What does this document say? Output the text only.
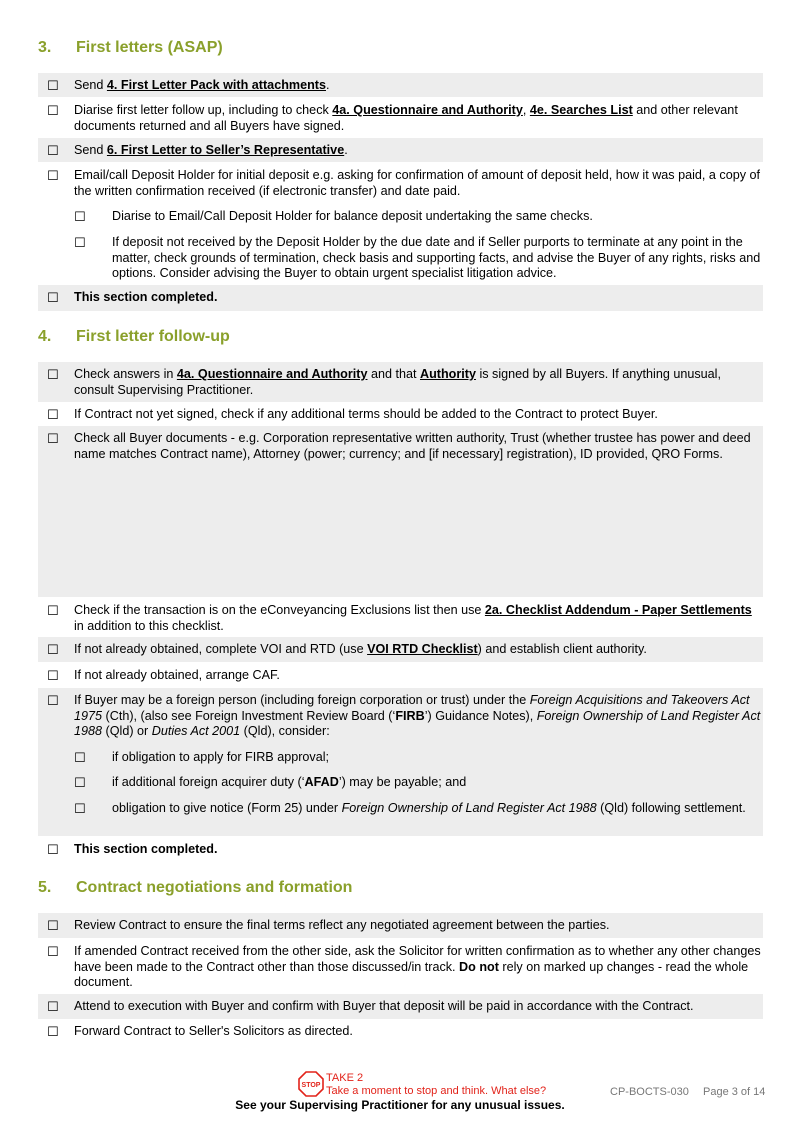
3. First letters (ASAP)
☐ Send 4. First Letter Pack with attachments.
☐ Diarise first letter follow up, including to check 4a. Questionnaire and Authority, 4e. Searches List and other relevant documents returned and all Buyers have signed.
☐ Send 6. First Letter to Seller’s Representative.
☐ Email/call Deposit Holder for initial deposit e.g. asking for confirmation of amount of deposit held, how it was paid, a copy of the written confirmation received (if electronic transfer) and date paid.
☐ Diarise to Email/Call Deposit Holder for balance deposit undertaking the same checks.
☐ If deposit not received by the Deposit Holder by the due date and if Seller purports to terminate at any point in the matter, check grounds of termination, check basis and supporting facts, and advise the Buyer of any rights, risks and options. Consider advising the Buyer to obtain urgent specialist litigation advice.
☐ This section completed.
4. First letter follow-up
☐ Check answers in 4a. Questionnaire and Authority and that Authority is signed by all Buyers. If anything unusual, consult Supervising Practitioner.
☐ If Contract not yet signed, check if any additional terms should be added to the Contract to protect Buyer.
☐ Check all Buyer documents - e.g. Corporation representative written authority, Trust (whether trustee has power and deed name matches Contract name), Attorney (power; currency; and [if necessary] registration), ID provided, QRO Forms.
☐ Check if the transaction is on the eConveyancing Exclusions list then use 2a. Checklist Addendum - Paper Settlements in addition to this checklist.
☐ If not already obtained, complete VOI and RTD (use VOI RTD Checklist) and establish client authority.
☐ If not already obtained, arrange CAF.
☐ If Buyer may be a foreign person (including foreign corporation or trust) under the Foreign Acquisitions and Takeovers Act 1975 (Cth), (also see Foreign Investment Review Board (‘FIRB’) Guidance Notes), Foreign Ownership of Land Register Act 1988 (Qld) or Duties Act 2001 (Qld), consider:
☐ if obligation to apply for FIRB approval;
☐ if additional foreign acquirer duty (‘AFAD’) may be payable; and
☐ obligation to give notice (Form 25) under Foreign Ownership of Land Register Act 1988 (Qld) following settlement.
☐ This section completed.
5. Contract negotiations and formation
☐ Review Contract to ensure the final terms reflect any negotiated agreement between the parties.
☐ If amended Contract received from the other side, ask the Solicitor for written confirmation as to whether any other changes have been made to the Contract other than those discussed/in track. Do not rely on marked up changes - read the whole document.
☐ Attend to execution with Buyer and confirm with Buyer that deposit will be paid in accordance with the Contract.
☐ Forward Contract to Seller's Solicitors as directed.
STOP
TAKE 2
Take a moment to stop and think. What else?	CP-BOCTS-030 Page 3 of 14
See your Supervising Practitioner for any unusual issues.
